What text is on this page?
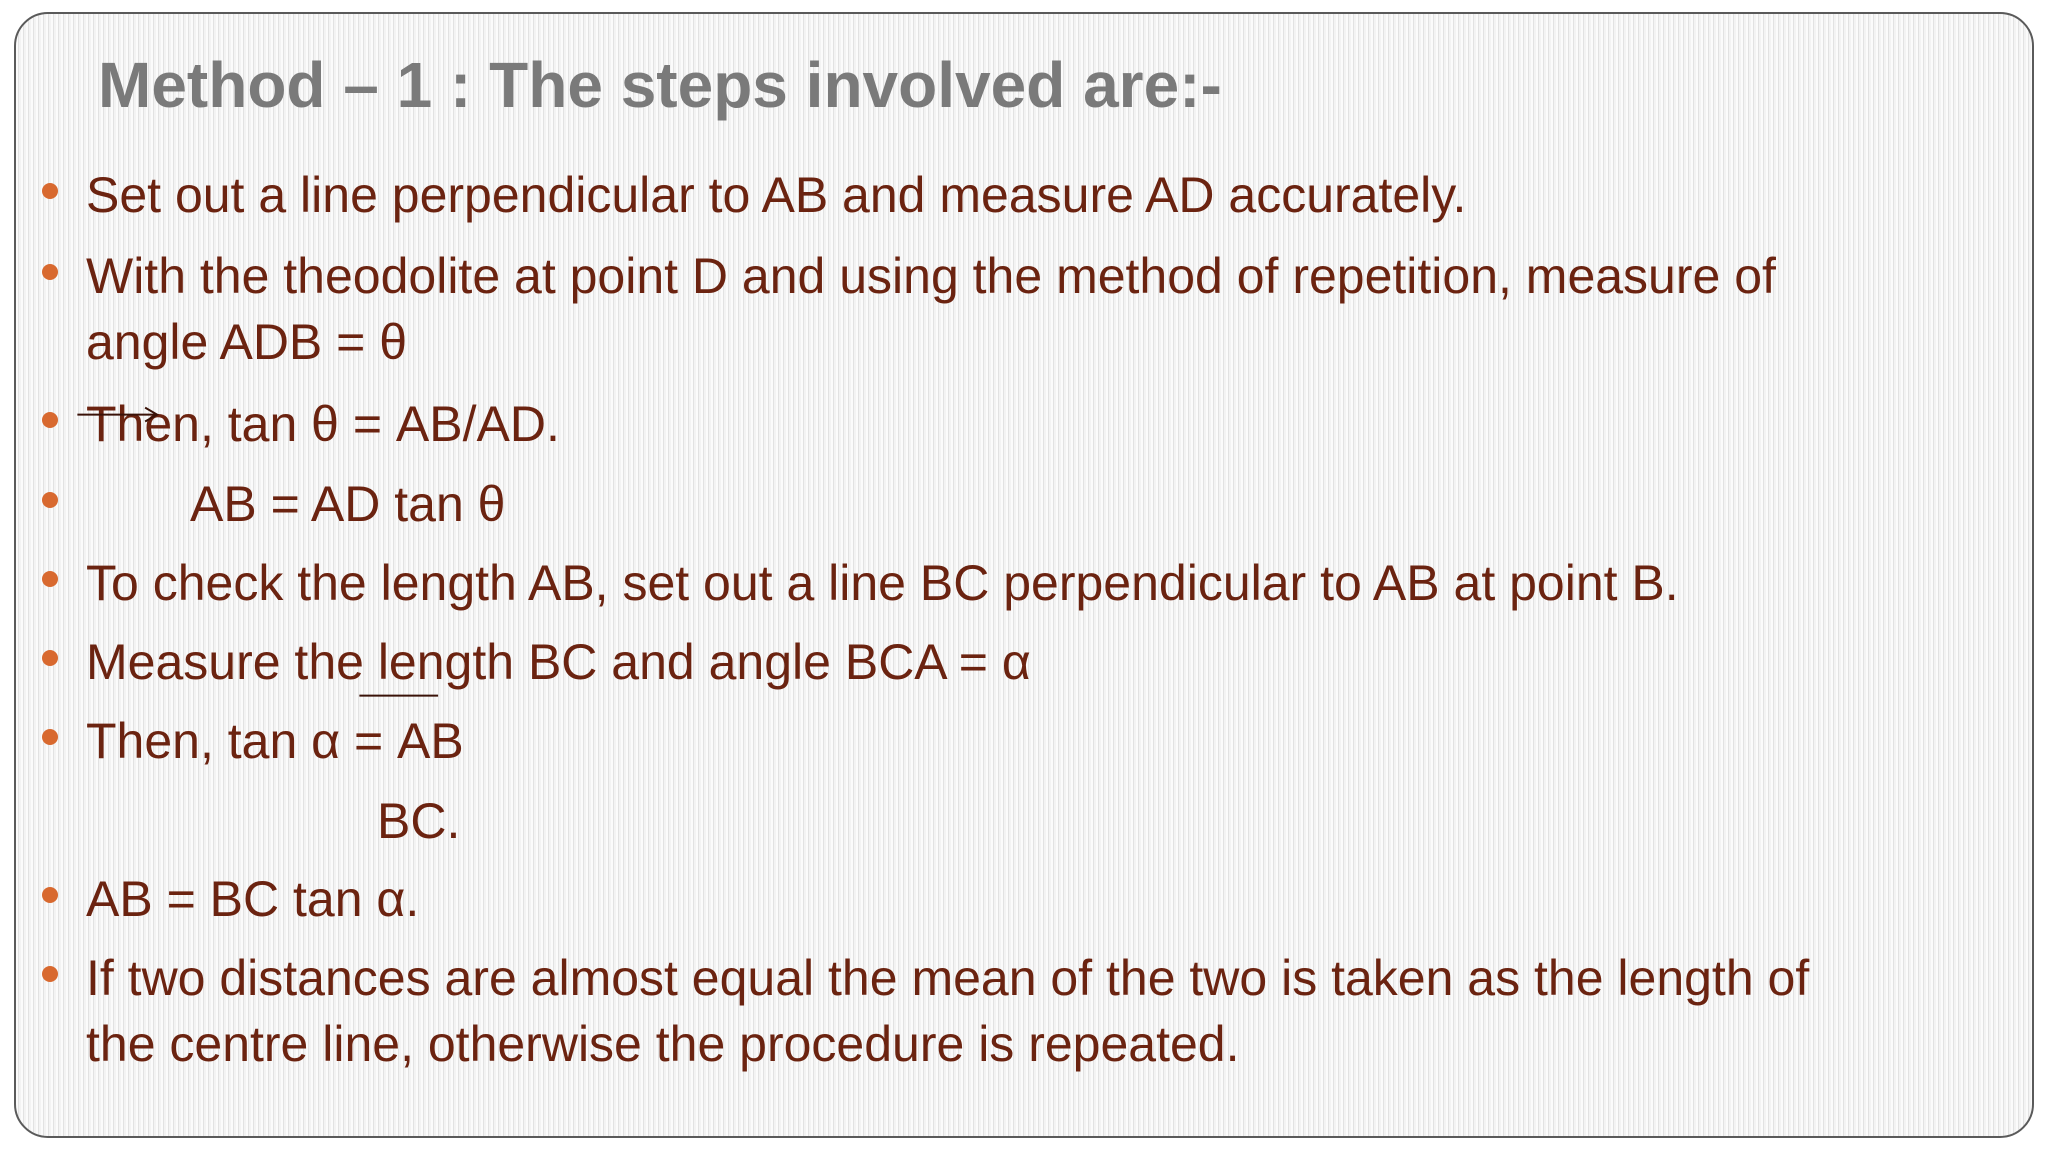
Method – 1 : The steps involved are:-
Set out a line perpendicular to AB and measure AD accurately.
With the theodolite at point D and using the method of repetition, measure of
angle ADB = θ
Then, tan θ = AB/AD.
AB = AD tan θ
To check the length AB, set out a line BC perpendicular to AB at point B.
Measure the length BC and angle BCA = α
Then, tan α = AB
BC.
AB = BC tan α.
If two distances are almost equal the mean of the two is taken as the length of
the centre line, otherwise the procedure is repeated.
